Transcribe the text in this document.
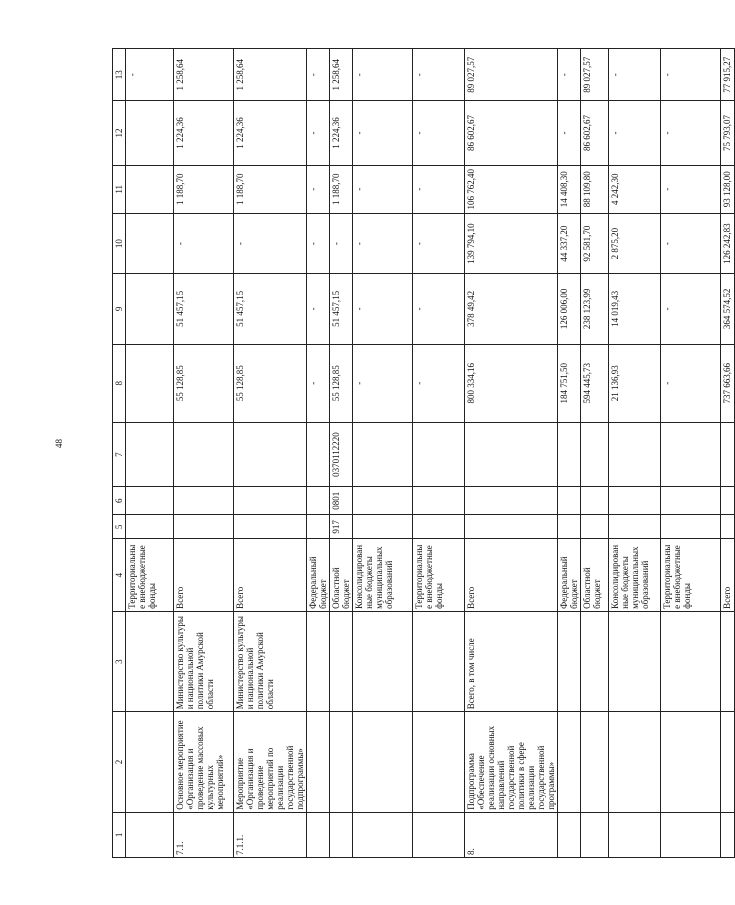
48
1	2	3	4	5	6	7	8	9	10	11	12	13
			Территориальные внебюджетные фонды									-
7.1.	Основное мероприятие «Организация и проведение массовых культурных мероприятий»	Министерство культуры и национальной политики Амурской области	Всего				55 128,85	51 457,15	-	1 188,70	1 224,36	1 258,64
7.1.1.	Мероприятие «Организация и проведение мероприятий по реализации государственной подпрограммы»	Министерство культуры и национальной политики Амурской области	Всего				55 128,85	51 457,15	-	1 188,70	1 224,36	1 258,64
			Федеральный бюджет				-	-	-	-	-	-
			Областной бюджет	917	0801	0370112220	55 128,85	51 457,15	-	1 188,70	1 224,36	1 258,64
			Консолидированные бюджеты муниципальных образований				-	-	-	-	-	-
			Территориальные внебюджетные фонды				-	-	-	-	-	-
8.	Подпрограмма «Обеспечение реализации основных направлений государственной политики в сфере реализации государственной программы»	Всего, в том числе	Всего				800 334,16	378 49,42	139 794,10	106 762,40	86 602,67	89 027,57
			Федеральный бюджет				184 751,50	126 006,00	44 337,20	14 408,30	-	-
			Областной бюджет				594 445,73	238 123,99	92 581,70	88 109,80	86 602,67	89 027,57
			Консолидированные бюджеты муниципальных образований				21 136,93	14 019,43	2 875,20	4 242,30	-	-
			Территориальные внебюджетные фонды				-	-	-	-	-	-
			Всего				737 663,66	364 574,52	126 242,83	93 128,00	75 793,07	77 915,27
